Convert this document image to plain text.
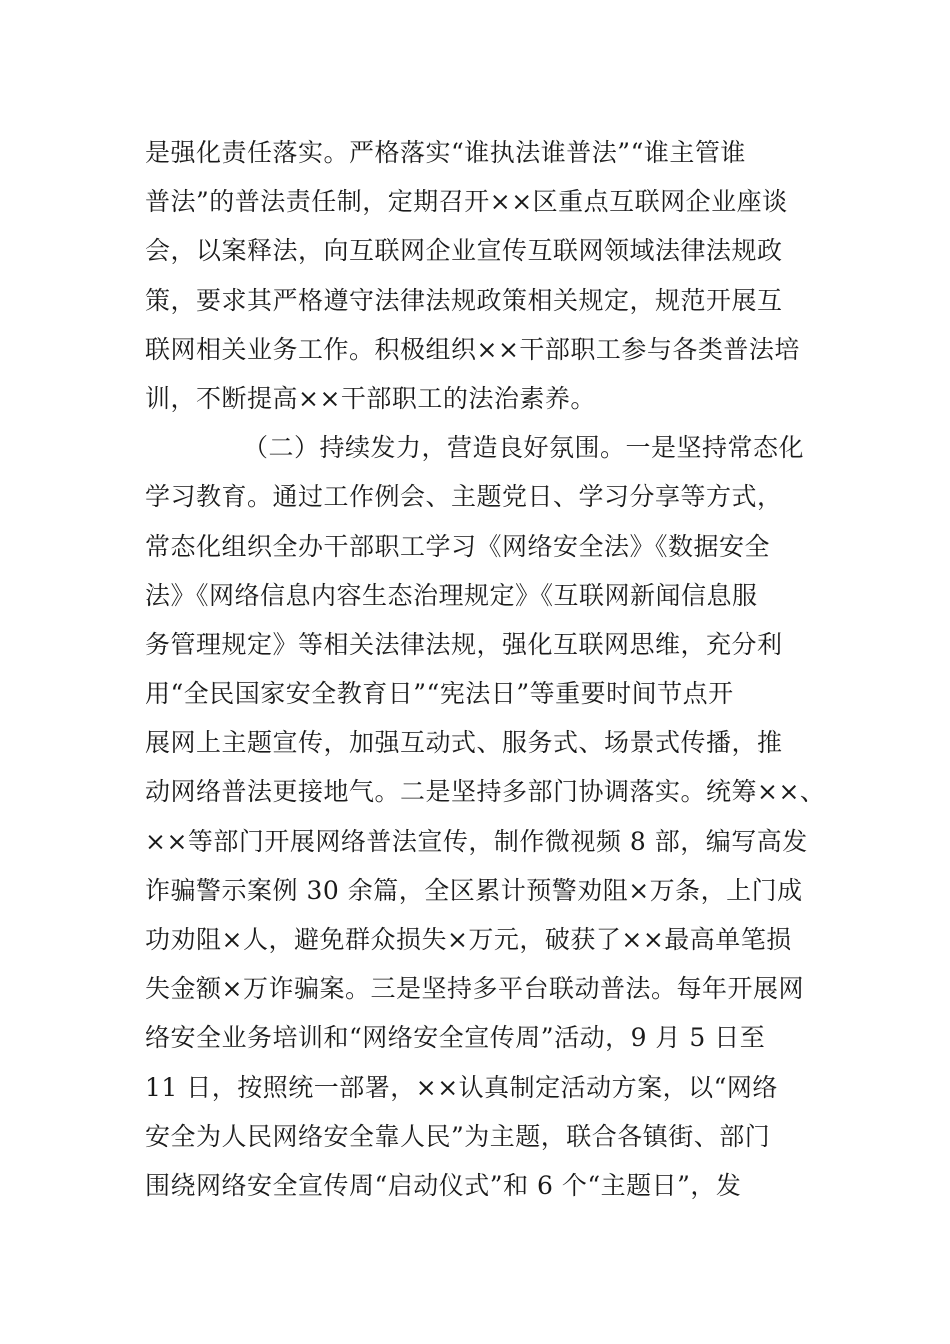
是强化责任落实。严格落实“谁执法谁普法”“谁主管谁
普法”的普法责任制，定期召开××区重点互联网企业座谈
会，以案释法，向互联网企业宣传互联网领域法律法规政
策，要求其严格遵守法律法规政策相关规定，规范开展互
联网相关业务工作。积极组织××干部职工参与各类普法培
训，不断提高××干部职工的法治素养。
（二）持续发力，营造良好氛围。一是坚持常态化
学习教育。通过工作例会、主题党日、学习分享等方式，
常态化组织全办干部职工学习《网络安全法》《数据安全
法》《网络信息内容生态治理规定》《互联网新闻信息服
务管理规定》等相关法律法规，强化互联网思维，充分利
用“全民国家安全教育日”“宪法日”等重要时间节点开
展网上主题宣传，加强互动式、服务式、场景式传播，推
动网络普法更接地气。二是坚持多部门协调落实。统筹××、
××等部门开展网络普法宣传，制作微视频 8 部，编写高发
诈骗警示案例 30 余篇，全区累计预警劝阻×万条，上门成
功劝阻×人，避免群众损失×万元，破获了××最高单笔损
失金额×万诈骗案。三是坚持多平台联动普法。每年开展网
络安全业务培训和“网络安全宣传周”活动，9 月 5 日至
11 日，按照统一部署，××认真制定活动方案，以“网络
安全为人民网络安全靠人民”为主题，联合各镇街、部门
围绕网络安全宣传周“启动仪式”和 6 个“主题日”，发
